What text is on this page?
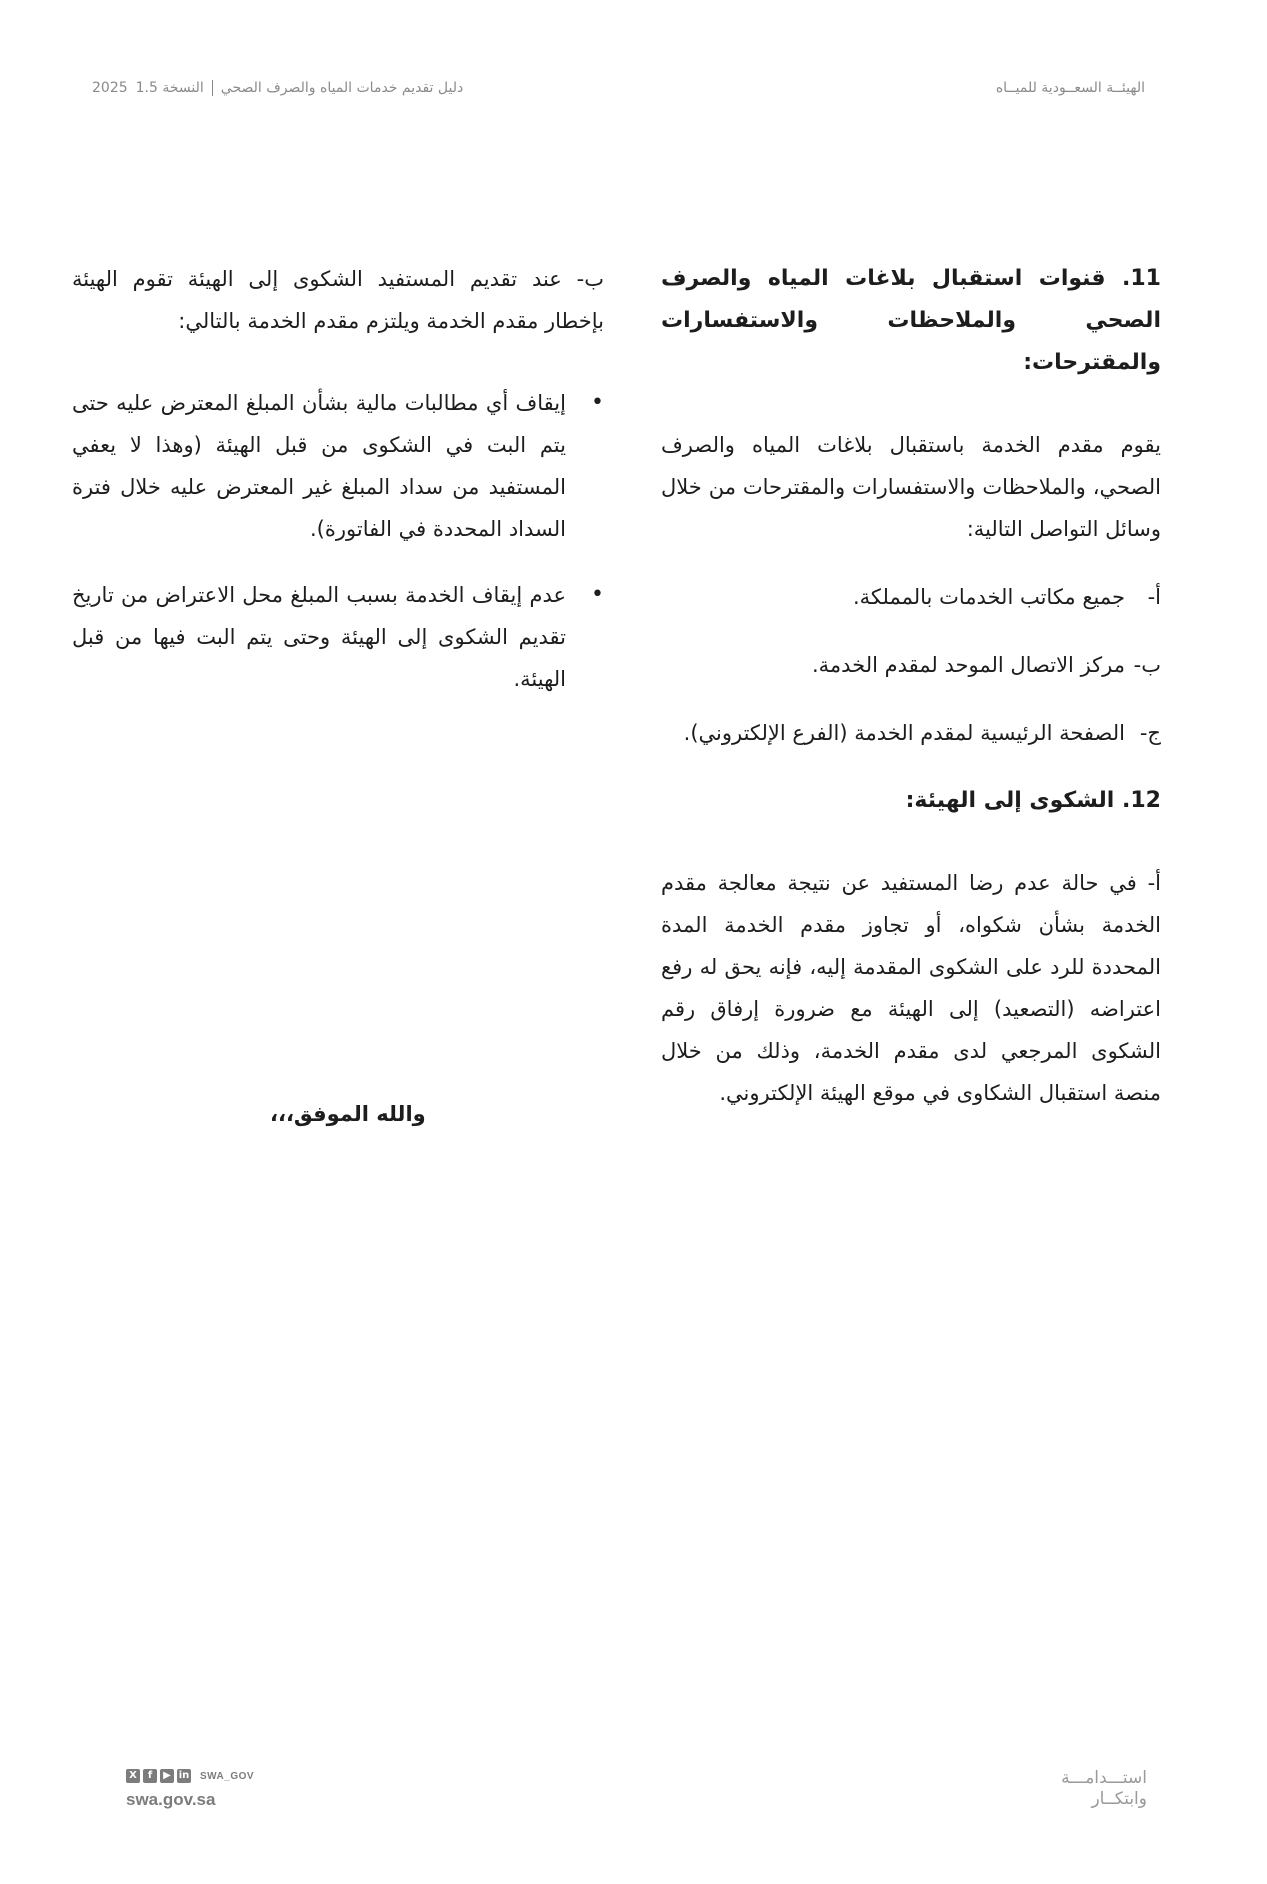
الهيئــة السعــودية للميــاه
دليل تقديم خدمات المياه والصرف الصحي
النسخة 1.5
2025
11. قنوات استقبال بلاغات المياه والصرف الصحي والملاحظات والاستفسارات والمقترحات:

يقوم مقدم الخدمة باستقبال بلاغات المياه والصرف الصحي، والملاحظات والاستفسارات والمقترحات من خلال وسائل التواصل التالية:

أ-
جميع مكاتب الخدمات بالمملكة.
ب-
مركز الاتصال الموحد لمقدم الخدمة.
ج-
الصفحة الرئيسية لمقدم الخدمة (الفرع الإلكتروني).
12. الشكوى إلى الهيئة:

أ- في حالة عدم رضا المستفيد عن نتيجة معالجة مقدم الخدمة بشأن شكواه، أو تجاوز مقدم الخدمة المدة المحددة للرد على الشكوى المقدمة إليه، فإنه يحق له رفع اعتراضه (التصعيد) إلى الهيئة مع ضرورة إرفاق رقم الشكوى المرجعي لدى مقدم الخدمة، وذلك من خلال منصة استقبال الشكاوى في موقع الهيئة الإلكتروني.

ب- عند تقديم المستفيد الشكوى إلى الهيئة تقوم الهيئة بإخطار مقدم الخدمة ويلتزم مقدم الخدمة بالتالي:

• إيقاف أي مطالبات مالية بشأن المبلغ المعترض عليه حتى يتم البت في الشكوى من قبل الهيئة (وهذا لا يعفي المستفيد من سداد المبلغ غير المعترض عليه خلال فترة السداد المحددة في الفاتورة).
• عدم إيقاف الخدمة بسبب المبلغ محل الاعتراض من تاريخ تقديم الشكوى إلى الهيئة وحتى يتم البت فيها من قبل الهيئة.
والله الموفق،،،
استـــدامـــة
وابتكــار
X	f	▶ in SWA_GOV
swa.gov.sa
